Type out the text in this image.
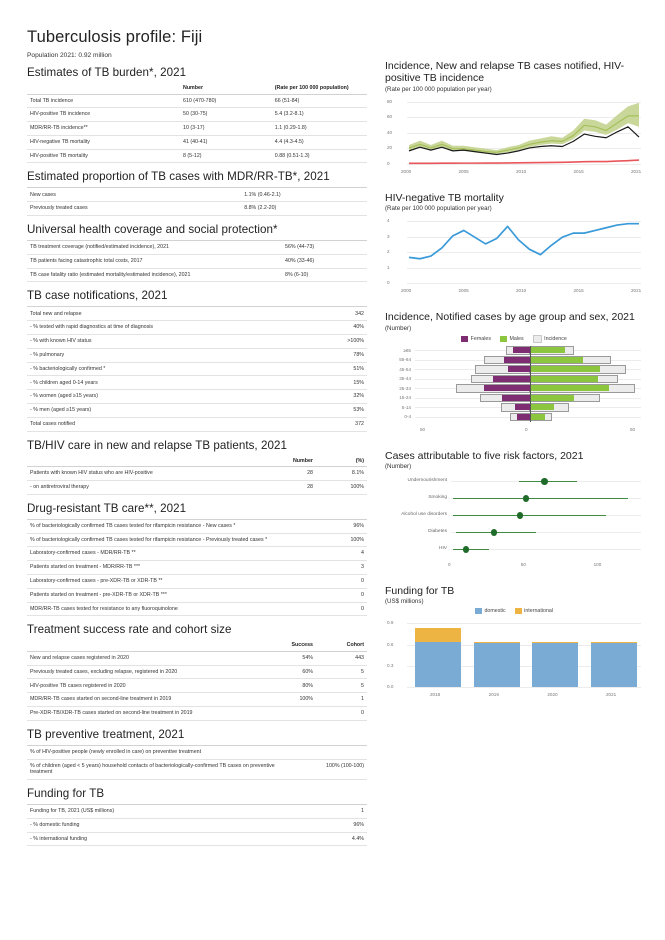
Tuberculosis profile: Fiji
Population 2021: 0.92 million
Estimates of TB burden*, 2021
	Number	(Rate per 100 000 population)
Total TB incidence	610 (470-780)	66 (51-84)
HIV-positive TB incidence	50 (30-75)	5.4 (3.2-8.1)
MDR/RR-TB incidence**	10 (3-17)	1.1 (0.29-1.8)
HIV-negative TB mortality	41 (40-41)	4.4 (4.3-4.5)
HIV-positive TB mortality	8 (5-12)	0.88 (0.51-1.3)
Estimated proportion of TB cases with MDR/RR-TB*, 2021
New cases	1.1% (0.46-2.1)
Previously treated cases	8.8% (2.2-20)
Universal health coverage and social protection*
TB treatment coverage (notified/estimated incidence), 2021	56% (44-73)
TB patients facing catastrophic total costs, 2017	40% (33-46)
TB case fatality ratio (estimated mortality/estimated incidence), 2021	8% (6-10)
TB case notifications, 2021
Total new and relapse	342
- % tested with rapid diagnostics at time of diagnosis	40%
- % with known HIV status	>100%
- % pulmonary	78%
- % bacteriologically confirmed *	51%
- % children aged 0-14 years	15%
- % women (aged ≥15 years)	32%
- % men (aged ≥15 years)	53%
Total cases notified	372
TB/HIV care in new and relapse TB patients, 2021
	Number	(%)
Patients with known HIV status who are HIV-positive	28	8.1%
- on antiretroviral therapy	28	100%
Drug-resistant TB care**, 2021
% of bacteriologically confirmed TB cases tested for rifampicin resistance - New cases *	96%
% of bacteriologically confirmed TB cases tested for rifampicin resistance - Previously treated cases *	100%
Laboratory-confirmed cases - MDR/RR-TB **	4
Patients started on treatment - MDR/RR-TB ***	3
Laboratory-confirmed cases - pre-XDR-TB or XDR-TB **	0
Patients started on treatment - pre-XDR-TB or XDR-TB ***	0
MDR/RR-TB cases tested for resistance to any fluoroquinolone	0
Treatment success rate and cohort size
	Success	Cohort
New and relapse cases registered in 2020	54%	443
Previously treated cases, excluding relapse, registered in 2020	60%	5
HIV-positive TB cases registered in 2020	80%	5
MDR/RR-TB cases started on second-line treatment in 2019	100%	1
Pre-XDR-TB/XDR-TB cases started on second-line treatment in 2019		0
TB preventive treatment, 2021
% of HIV-positive people (newly enrolled in care) on preventive treatment	
% of children (aged < 5 years) household contacts of bacteriologically-confirmed TB cases on preventive treatment	100% (100-100)
Funding for TB
Funding for TB, 2021 (US$ millions)	1
- % domestic funding	96%
- % international funding	4.4%
Incidence, New and relapse TB cases notified, HIV-positive TB incidence
(Rate per 100 000 population per year)
80
60
40
20
0
2000	2005	2010	2015	2021
HIV-negative TB mortality
(Rate per 100 000 population per year)
4
3
2
1
0
2000	2005	2010	2015	2021
Incidence, Notified cases by age group and sex, 2021
(Number)
Females	Males	Incidence
≥65
55-64
45-54
35-44
25-34
15-24
5-14
0-4
50	0	50
Cases attributable to five risk factors, 2021
(Number)
Undernourishment
Smoking
Alcohol use disorders
Diabetes
HIV
0	50	100
Funding for TB
(US$ millions)
domestic	international
0.9
0.6
0.3
0.0
2018	2019	2020	2021
